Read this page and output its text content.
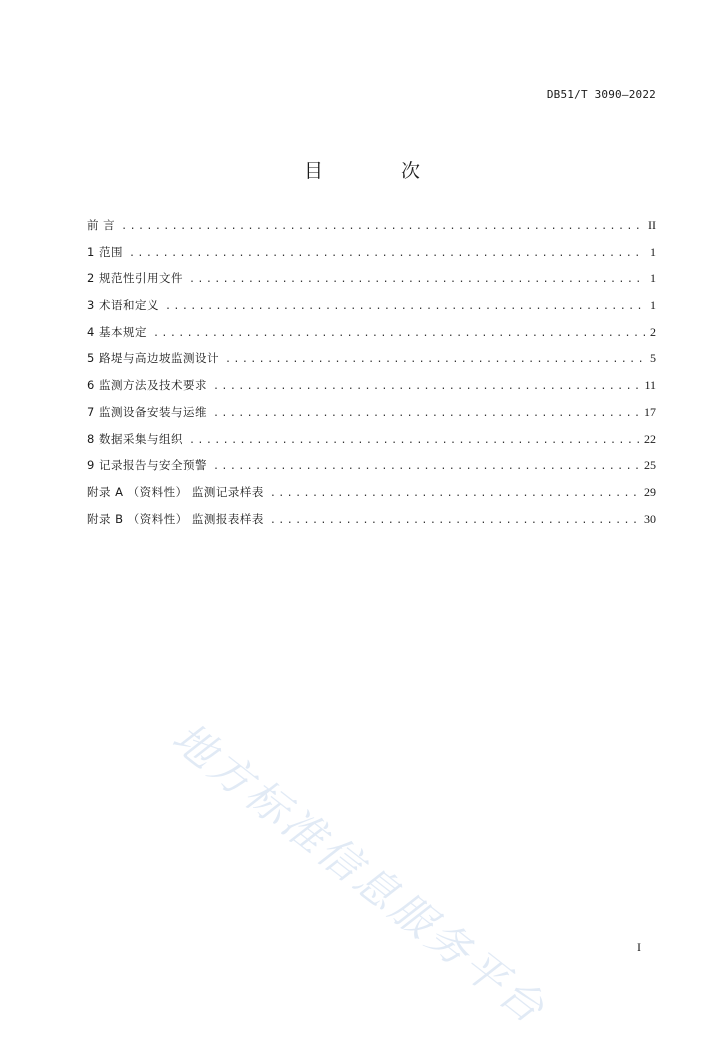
DB51/T 3090—2022
目 次
前 言 .....	II
1 范围 .....	1
2 规范性引用文件 .....	1
3 术语和定义 .....	1
4 基本规定 .....	2
5 路堤与高边坡监测设计 .....	5
6 监测方法及技术要求 .....	11
7 监测设备安装与运维 .....	17
8 数据采集与组织 .....	22
9 记录报告与安全预警 .....	25
附录 A （资料性） 监测记录样表 .....	29
附录 B （资料性） 监测报表样表 .....	30
地方标准信息服务平台	I
